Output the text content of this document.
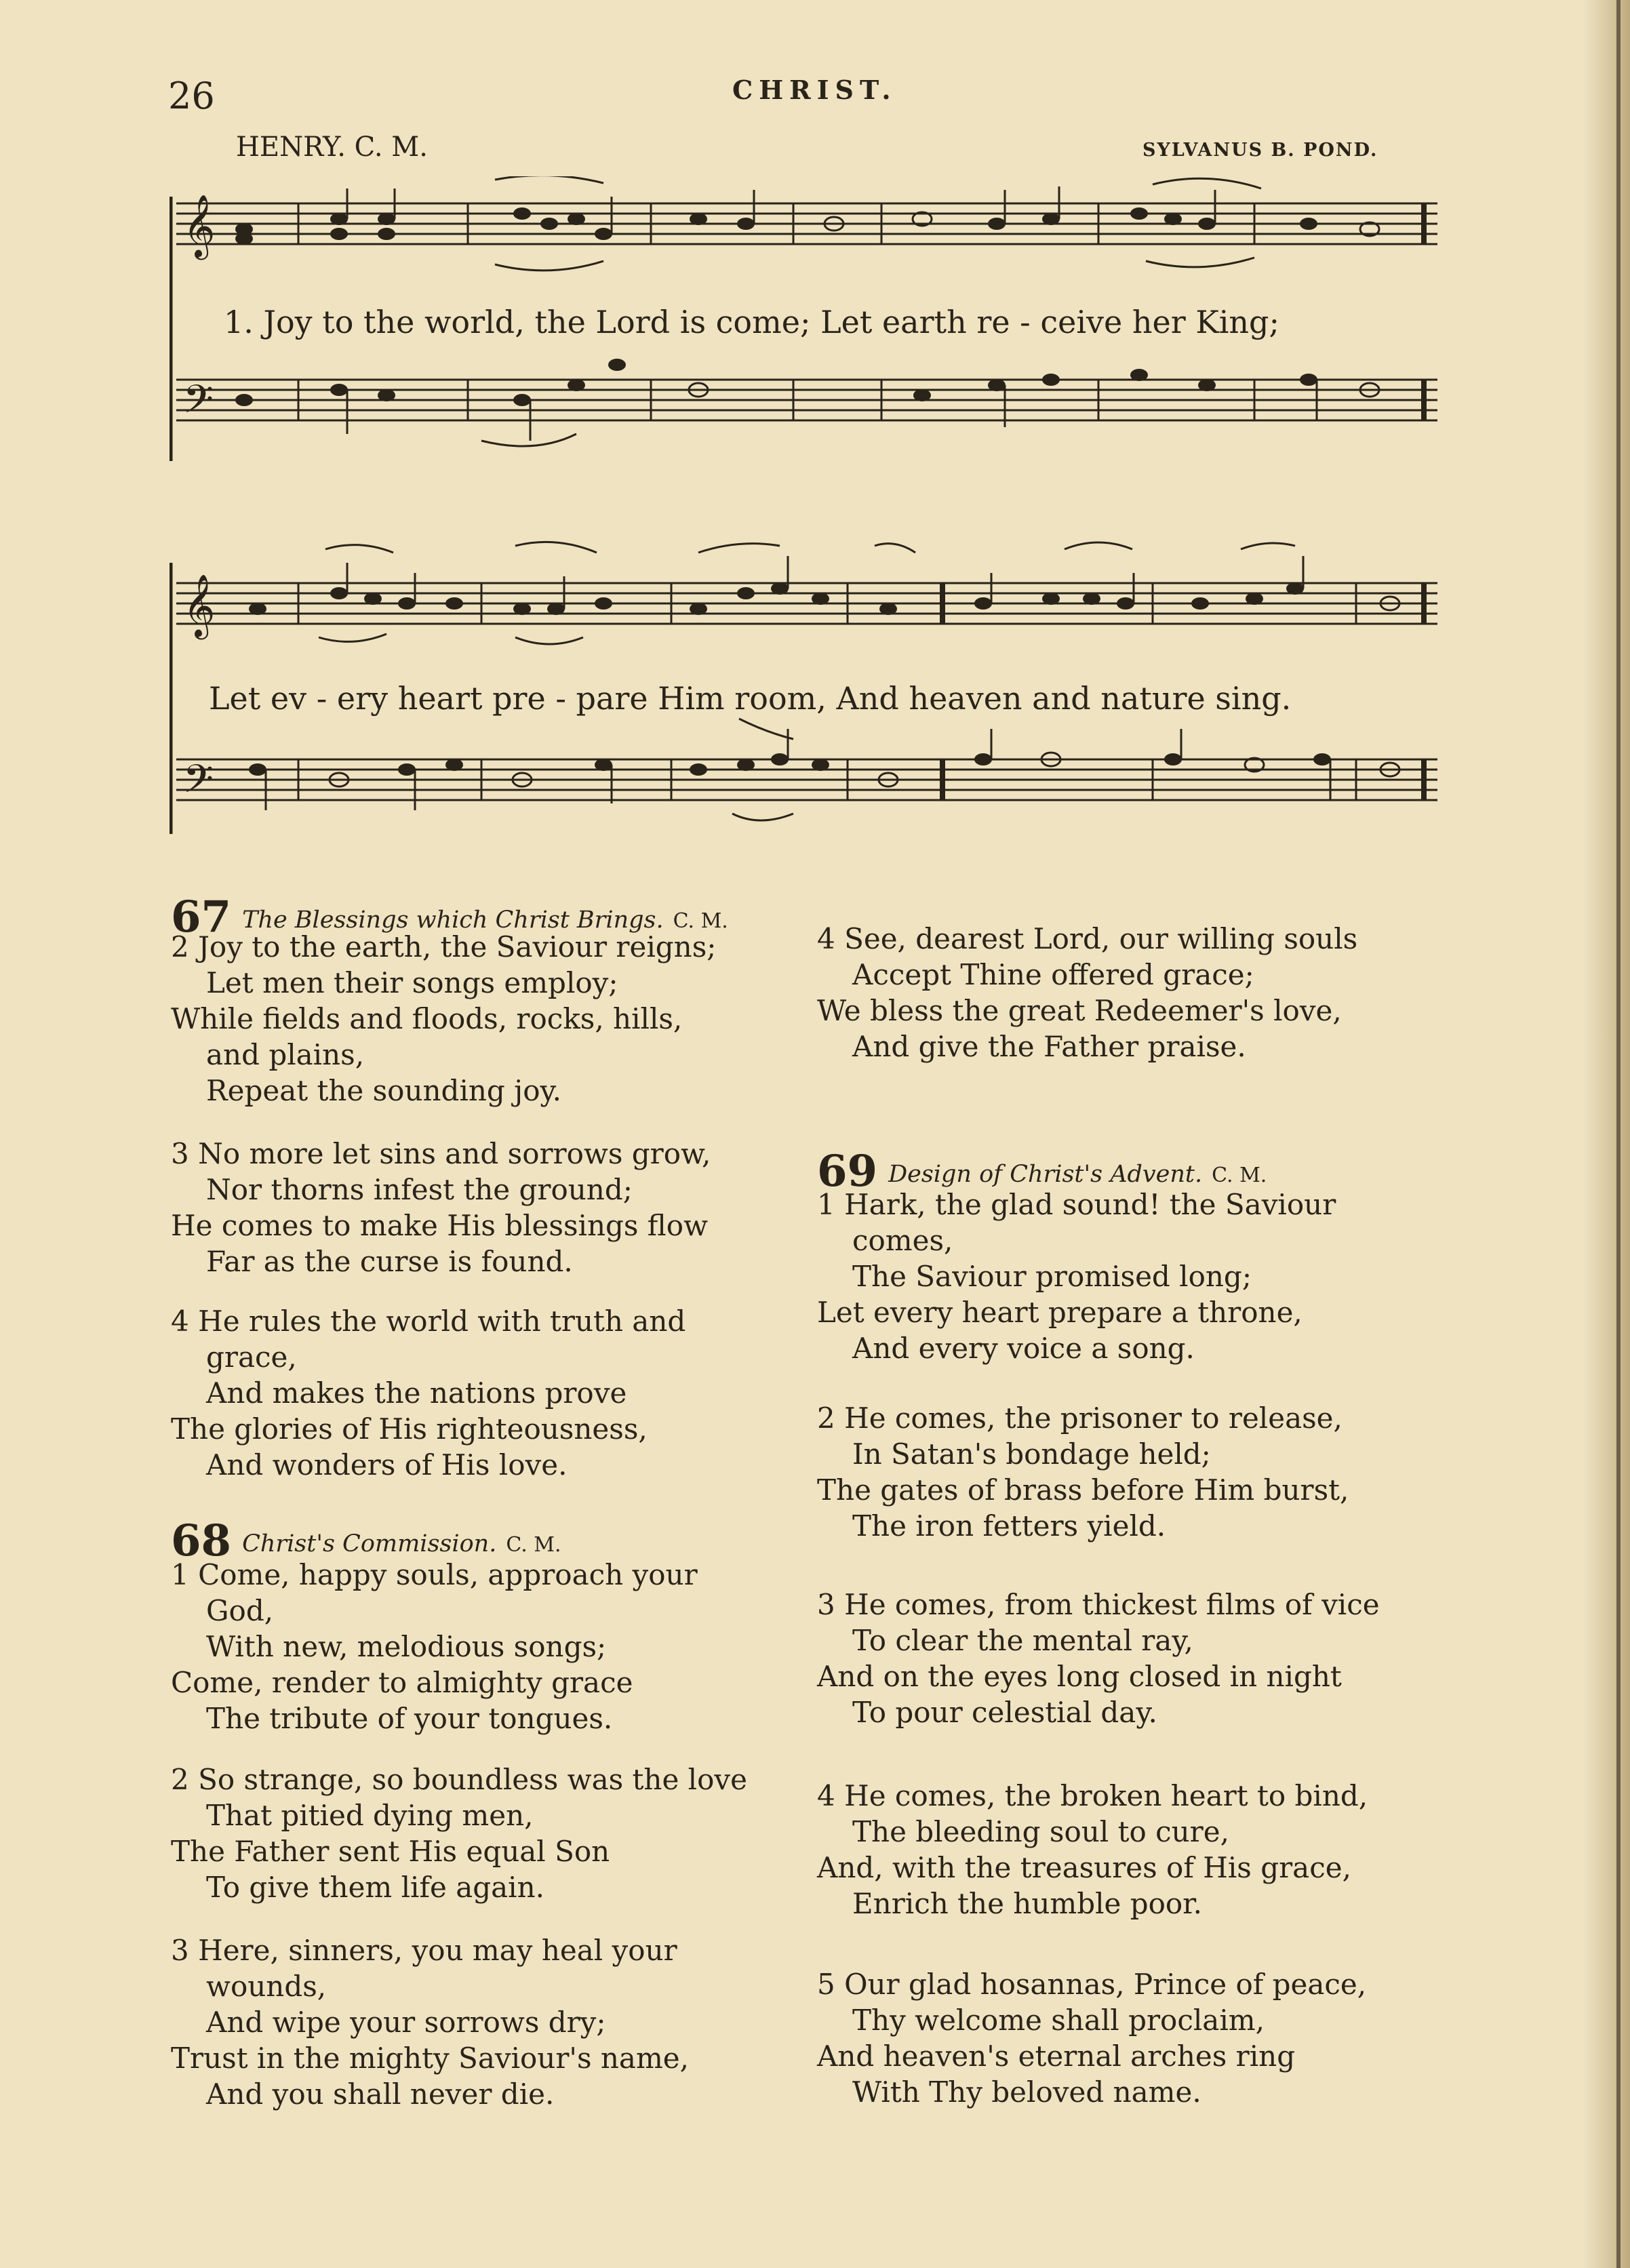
26	CHRIST.
HENRY. C. M.	SYLVANUS B. POND.
𝄞
𝄢
1. Joy to the world, the Lord is come; Let earth re - ceive her King;
𝄞
𝄢
Let ev - ery heart pre - pare Him room, And heaven and nature sing.
67 The Blessings which Christ Brings. C. M.
2 Joy to the earth, the Saviour reigns;
Let men their songs employ;
While fields and floods, rocks, hills,
and plains,
Repeat the sounding joy.
3 No more let sins and sorrows grow,
Nor thorns infest the ground;
He comes to make His blessings flow
Far as the curse is found.
4 He rules the world with truth and
grace,
And makes the nations prove
The glories of His righteousness,
And wonders of His love.
4 See, dearest Lord, our willing souls
Accept Thine offered grace;
We bless the great Redeemer's love,
And give the Father praise.
68 Christ's Commission. C. M.
1 Come, happy souls, approach your
God,
With new, melodious songs;
Come, render to almighty grace
The tribute of your tongues.
2 So strange, so boundless was the love
That pitied dying men,
The Father sent His equal Son
To give them life again.
3 Here, sinners, you may heal your
wounds,
And wipe your sorrows dry;
Trust in the mighty Saviour's name,
And you shall never die.
69 Design of Christ's Advent. C. M.
1 Hark, the glad sound! the Saviour
comes,
The Saviour promised long;
Let every heart prepare a throne,
And every voice a song.
2 He comes, the prisoner to release,
In Satan's bondage held;
The gates of brass before Him burst,
The iron fetters yield.
3 He comes, from thickest films of vice
To clear the mental ray,
And on the eyes long closed in night
To pour celestial day.
4 He comes, the broken heart to bind,
The bleeding soul to cure,
And, with the treasures of His grace,
Enrich the humble poor.
5 Our glad hosannas, Prince of peace,
Thy welcome shall proclaim,
And heaven's eternal arches ring
With Thy beloved name.
